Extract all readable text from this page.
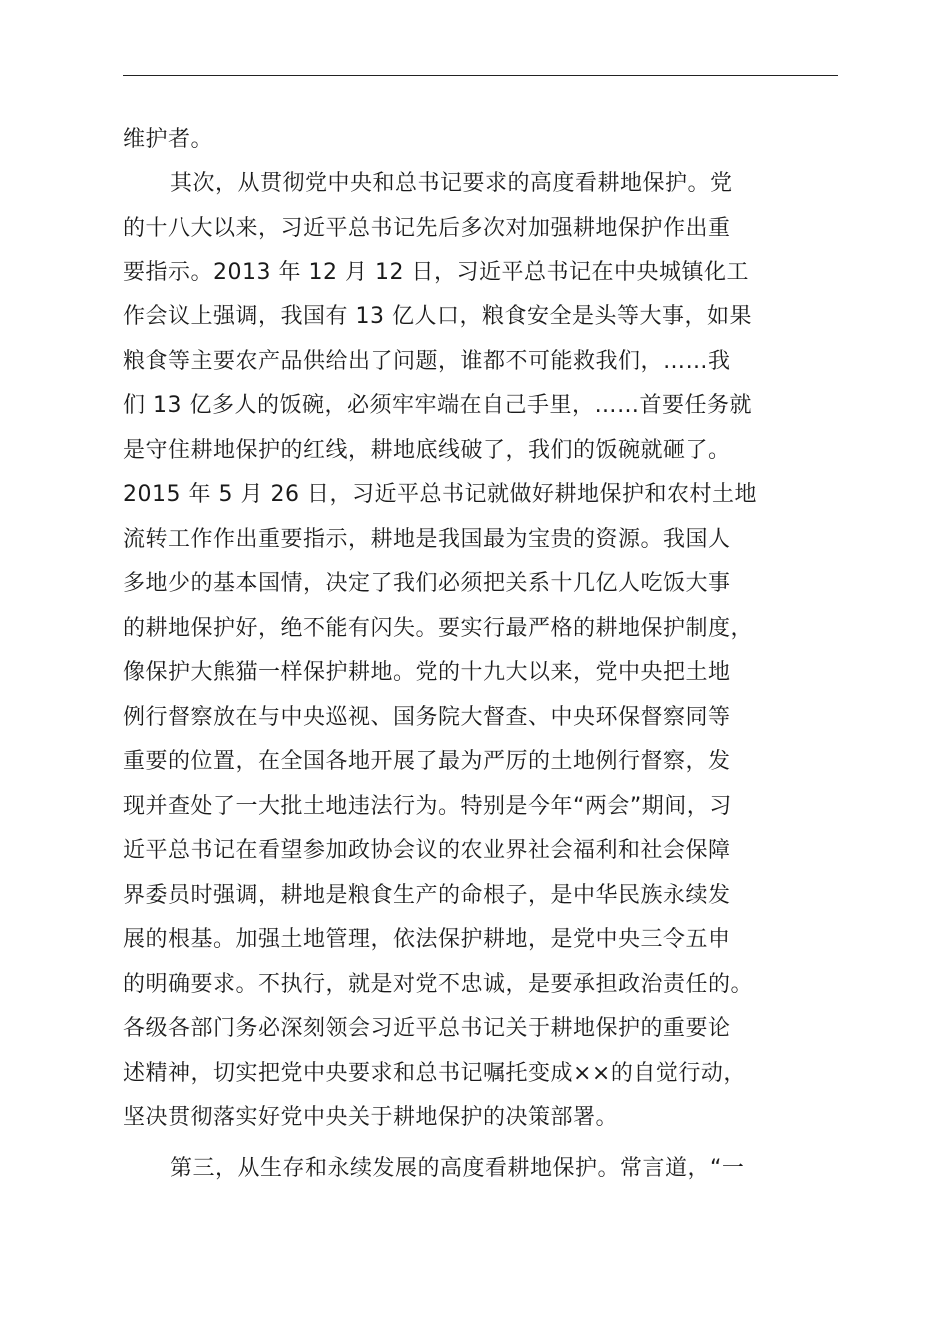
维护者。
其次，从贯彻党中央和总书记要求的高度看耕地保护。党
的十八大以来，习近平总书记先后多次对加强耕地保护作出重
要指示。2013 年 12 月 12 日，习近平总书记在中央城镇化工
作会议上强调，我国有 13 亿人口，粮食安全是头等大事，如果
粮食等主要农产品供给出了问题，谁都不可能救我们，……我
们 13 亿多人的饭碗，必须牢牢端在自己手里，……首要任务就
是守住耕地保护的红线，耕地底线破了，我们的饭碗就砸了。
2015 年 5 月 26 日，习近平总书记就做好耕地保护和农村土地
流转工作作出重要指示，耕地是我国最为宝贵的资源。我国人
多地少的基本国情，决定了我们必须把关系十几亿人吃饭大事
的耕地保护好，绝不能有闪失。要实行最严格的耕地保护制度，
像保护大熊猫一样保护耕地。党的十九大以来，党中央把土地
例行督察放在与中央巡视、国务院大督查、中央环保督察同等
重要的位置，在全国各地开展了最为严厉的土地例行督察，发
现并查处了一大批土地违法行为。特别是今年“两会”期间，习
近平总书记在看望参加政协会议的农业界社会福利和社会保障
界委员时强调，耕地是粮食生产的命根子，是中华民族永续发
展的根基。加强土地管理，依法保护耕地，是党中央三令五申
的明确要求。不执行，就是对党不忠诚，是要承担政治责任的。
各级各部门务必深刻领会习近平总书记关于耕地保护的重要论
述精神，切实把党中央要求和总书记嘱托变成××的自觉行动，
坚决贯彻落实好党中央关于耕地保护的决策部署。
第三，从生存和永续发展的高度看耕地保护。常言道，“一
